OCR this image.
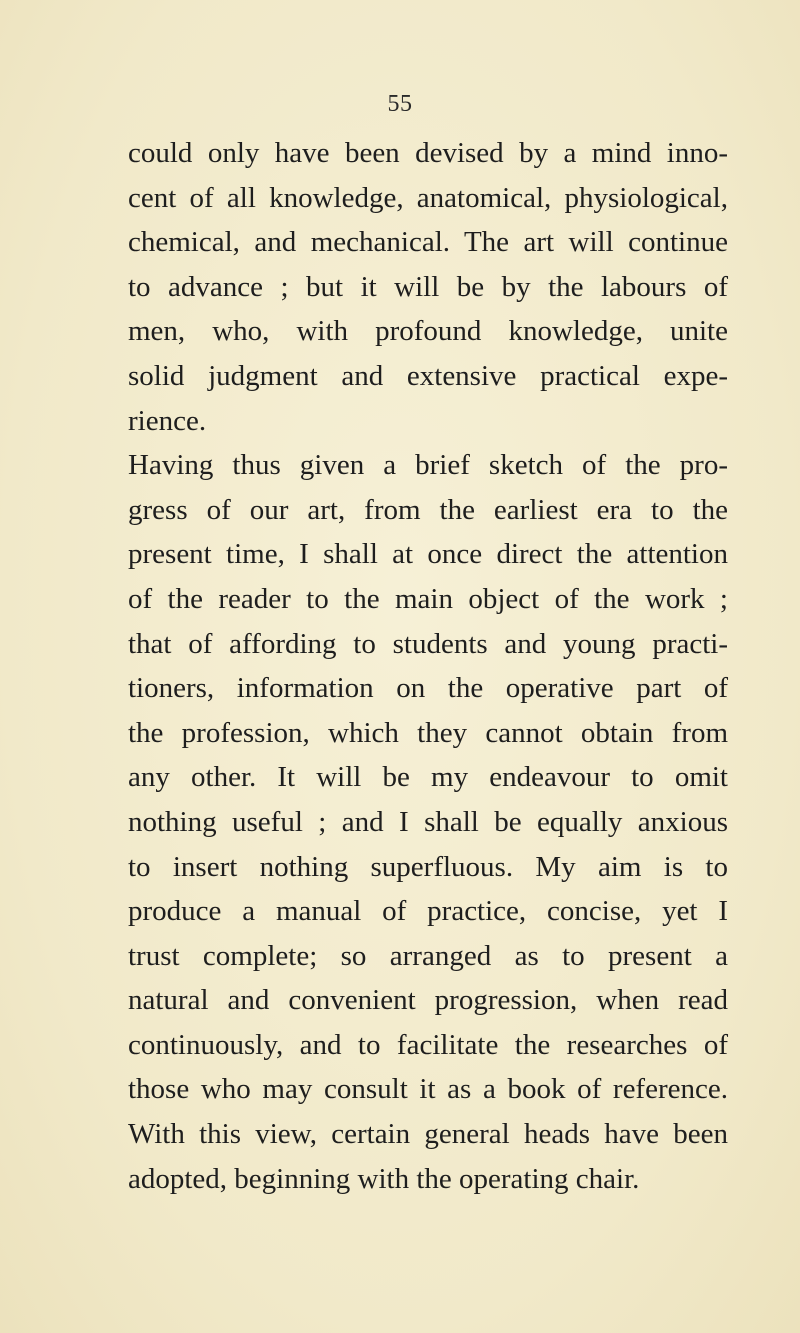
55
could only have been devised by a mind inno-
cent of all knowledge, anatomical, physiological,
chemical, and mechanical. The art will continue
to advance ; but it will be by the labours of
men, who, with profound knowledge, unite
solid judgment and extensive practical expe-
rience.
Having thus given a brief sketch of the pro-
gress of our art, from the earliest era to the
present time, I shall at once direct the attention
of the reader to the main object of the work ;
that of affording to students and young practi-
tioners, information on the operative part of
the profession, which they cannot obtain from
any other. It will be my endeavour to omit
nothing useful ; and I shall be equally anxious
to insert nothing superfluous. My aim is to
produce a manual of practice, concise, yet I
trust complete; so arranged as to present a
natural and convenient progression, when read
continuously, and to facilitate the researches of
those who may consult it as a book of reference.
With this view, certain general heads have been
adopted, beginning with the operating chair.
